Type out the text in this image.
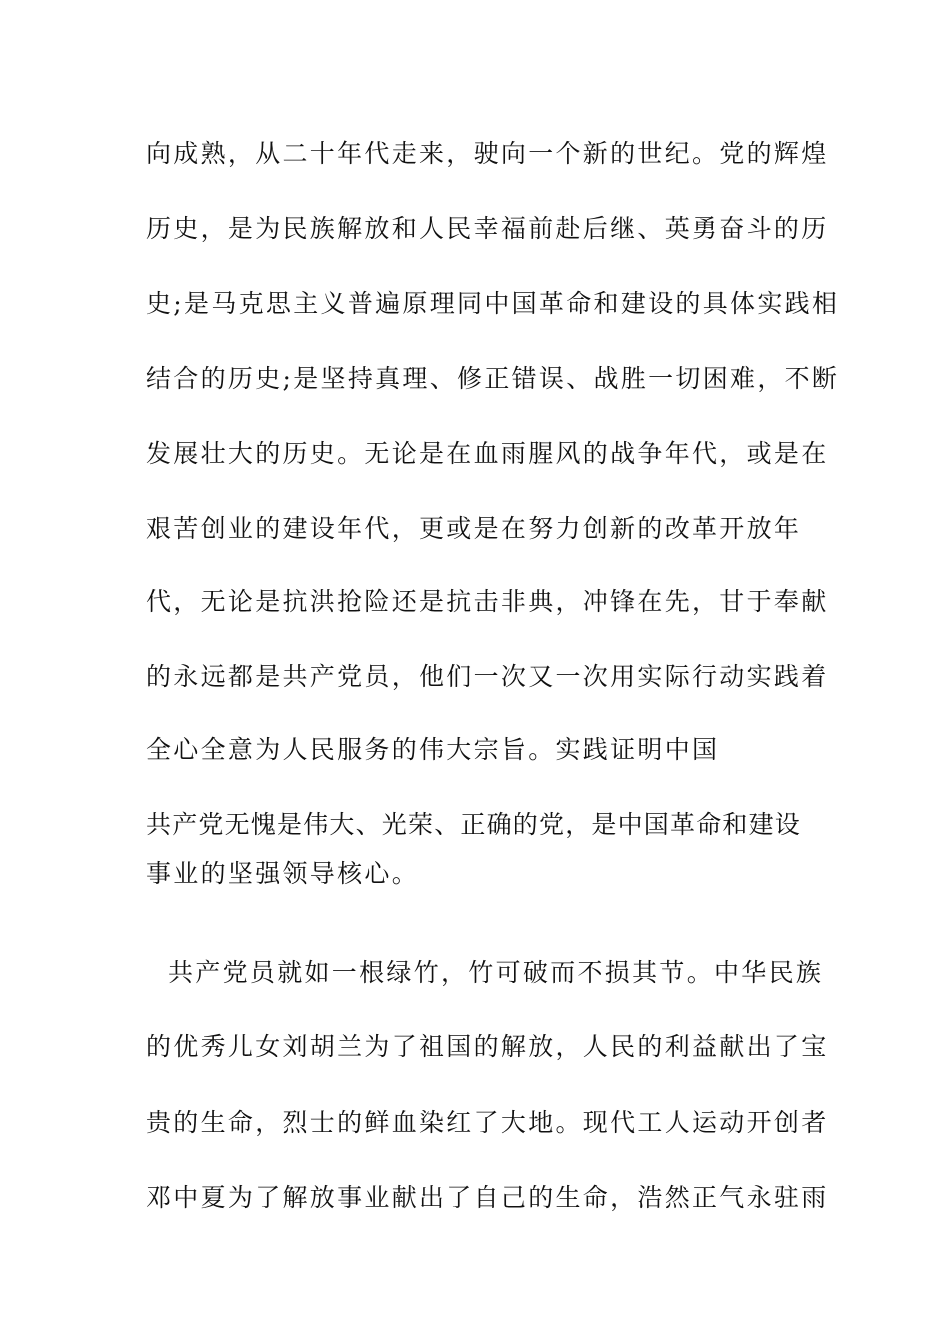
向成熟，从二十年代走来，驶向一个新的世纪。党的辉煌
历史，是为民族解放和人民幸福前赴后继、英勇奋斗的历
史;是马克思主义普遍原理同中国革命和建设的具体实践相
结合的历史;是坚持真理、修正错误、战胜一切困难，不断
发展壮大的历史。无论是在血雨腥风的战争年代，或是在
艰苦创业的建设年代，更或是在努力创新的改革开放年
代，无论是抗洪抢险还是抗击非典，冲锋在先，甘于奉献
的永远都是共产党员，他们一次又一次用实际行动实践着
全心全意为人民服务的伟大宗旨。实践证明中国
共产党无愧是伟大、光荣、正确的党，是中国革命和建设
事业的坚强领导核心。
共产党员就如一根绿竹，竹可破而不损其节。中华民族
的优秀儿女刘胡兰为了祖国的解放，人民的利益献出了宝
贵的生命，烈士的鲜血染红了大地。现代工人运动开创者
邓中夏为了解放事业献出了自己的生命，浩然正气永驻雨
